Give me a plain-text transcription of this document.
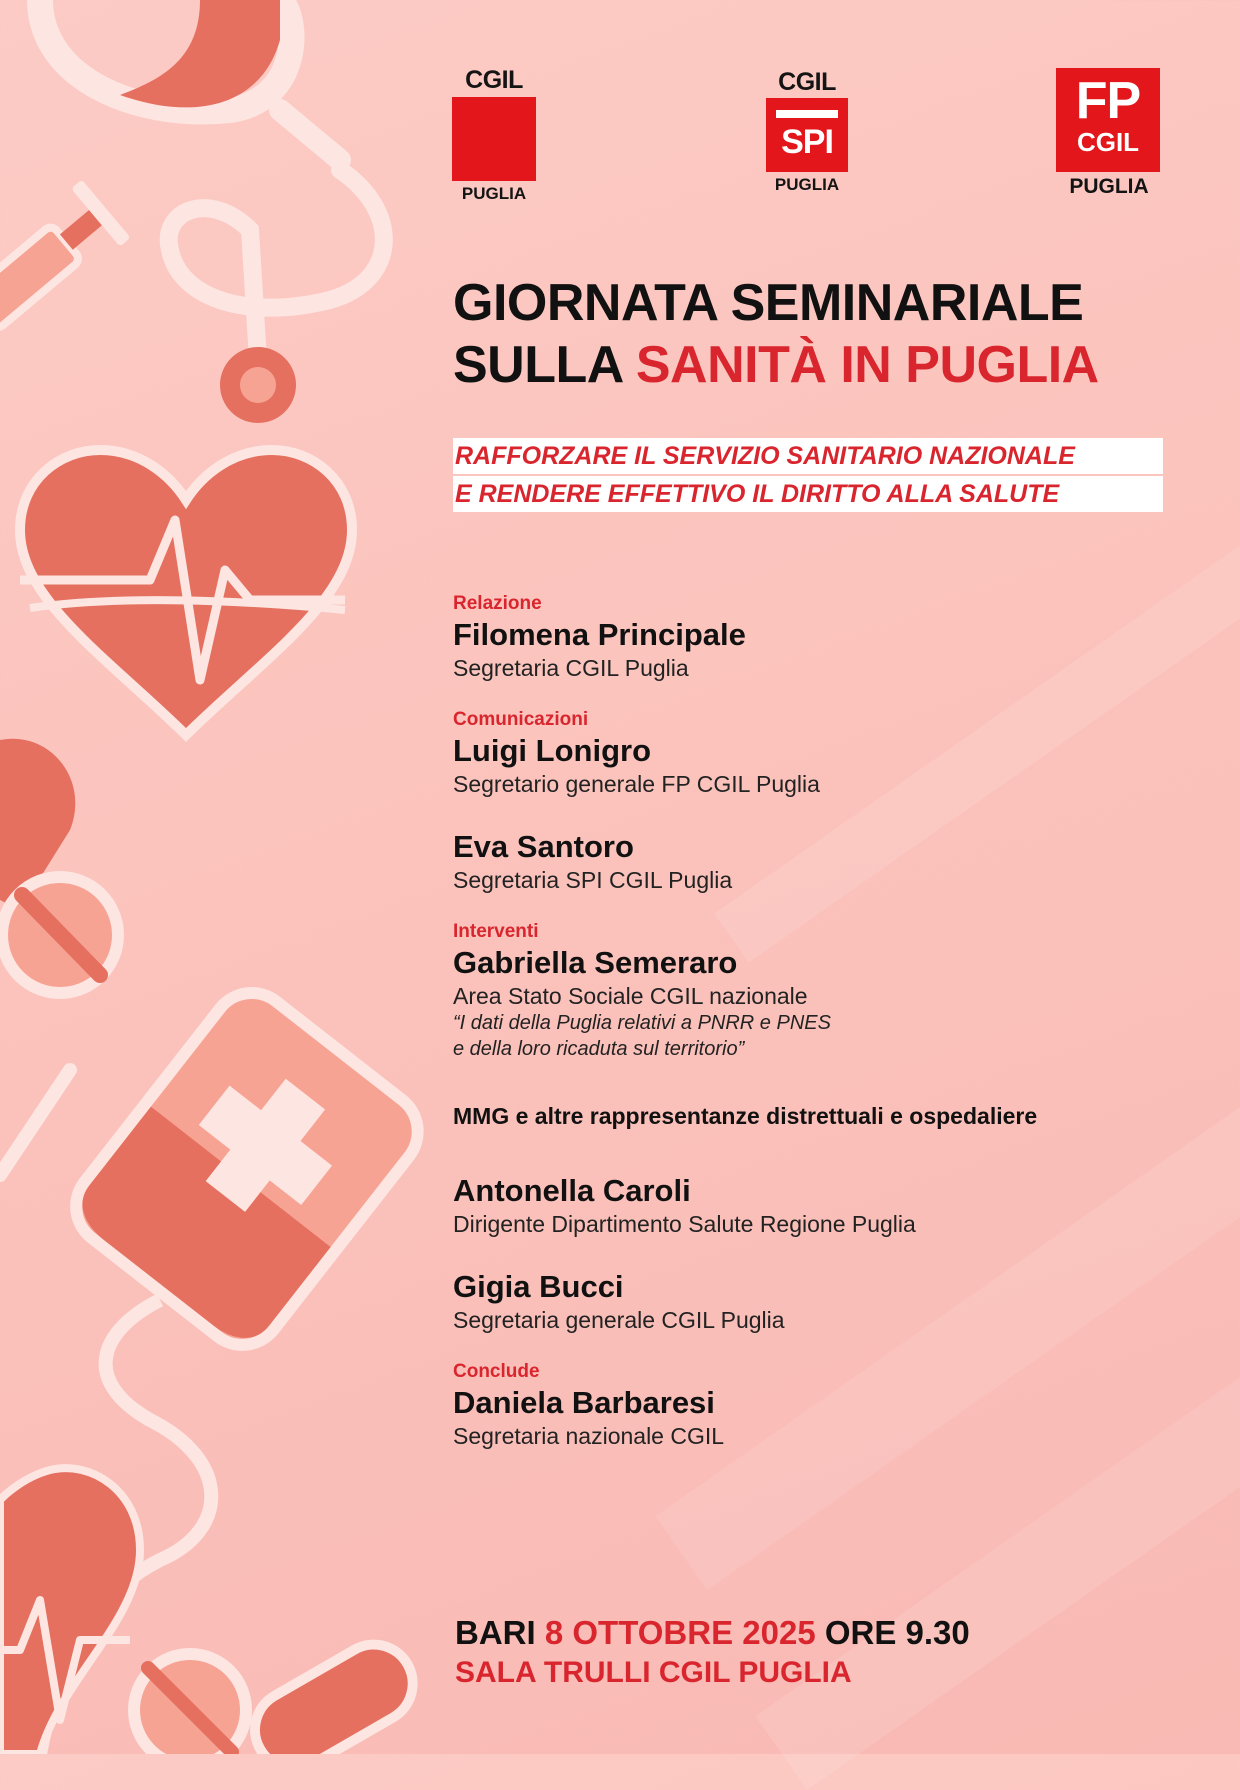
CGIL
PUGLIA
CGIL
SPI
PUGLIA
FP
CGIL
PUGLIA
GIORNATA SEMINARIALE
SULLA SANITÀ IN PUGLIA
RAFFORZARE IL SERVIZIO SANITARIO NAZIONALE
E RENDERE EFFETTIVO IL DIRITTO ALLA SALUTE
Relazione
Filomena Principale
Segretaria CGIL Puglia
Comunicazioni
Luigi Lonigro
Segretario generale FP CGIL Puglia
Eva Santoro
Segretaria SPI CGIL Puglia
Interventi
Gabriella Semeraro
Area Stato Sociale CGIL nazionale
“I dati della Puglia relativi a PNRR e PNES
e della loro ricaduta sul territorio”
MMG e altre rappresentanze distrettuali e ospedaliere
Antonella Caroli
Dirigente Dipartimento Salute Regione Puglia
Gigia Bucci
Segretaria generale CGIL Puglia
Conclude
Daniela Barbaresi
Segretaria nazionale CGIL
BARI 8 OTTOBRE 2025 ORE 9.30
SALA TRULLI CGIL PUGLIA
